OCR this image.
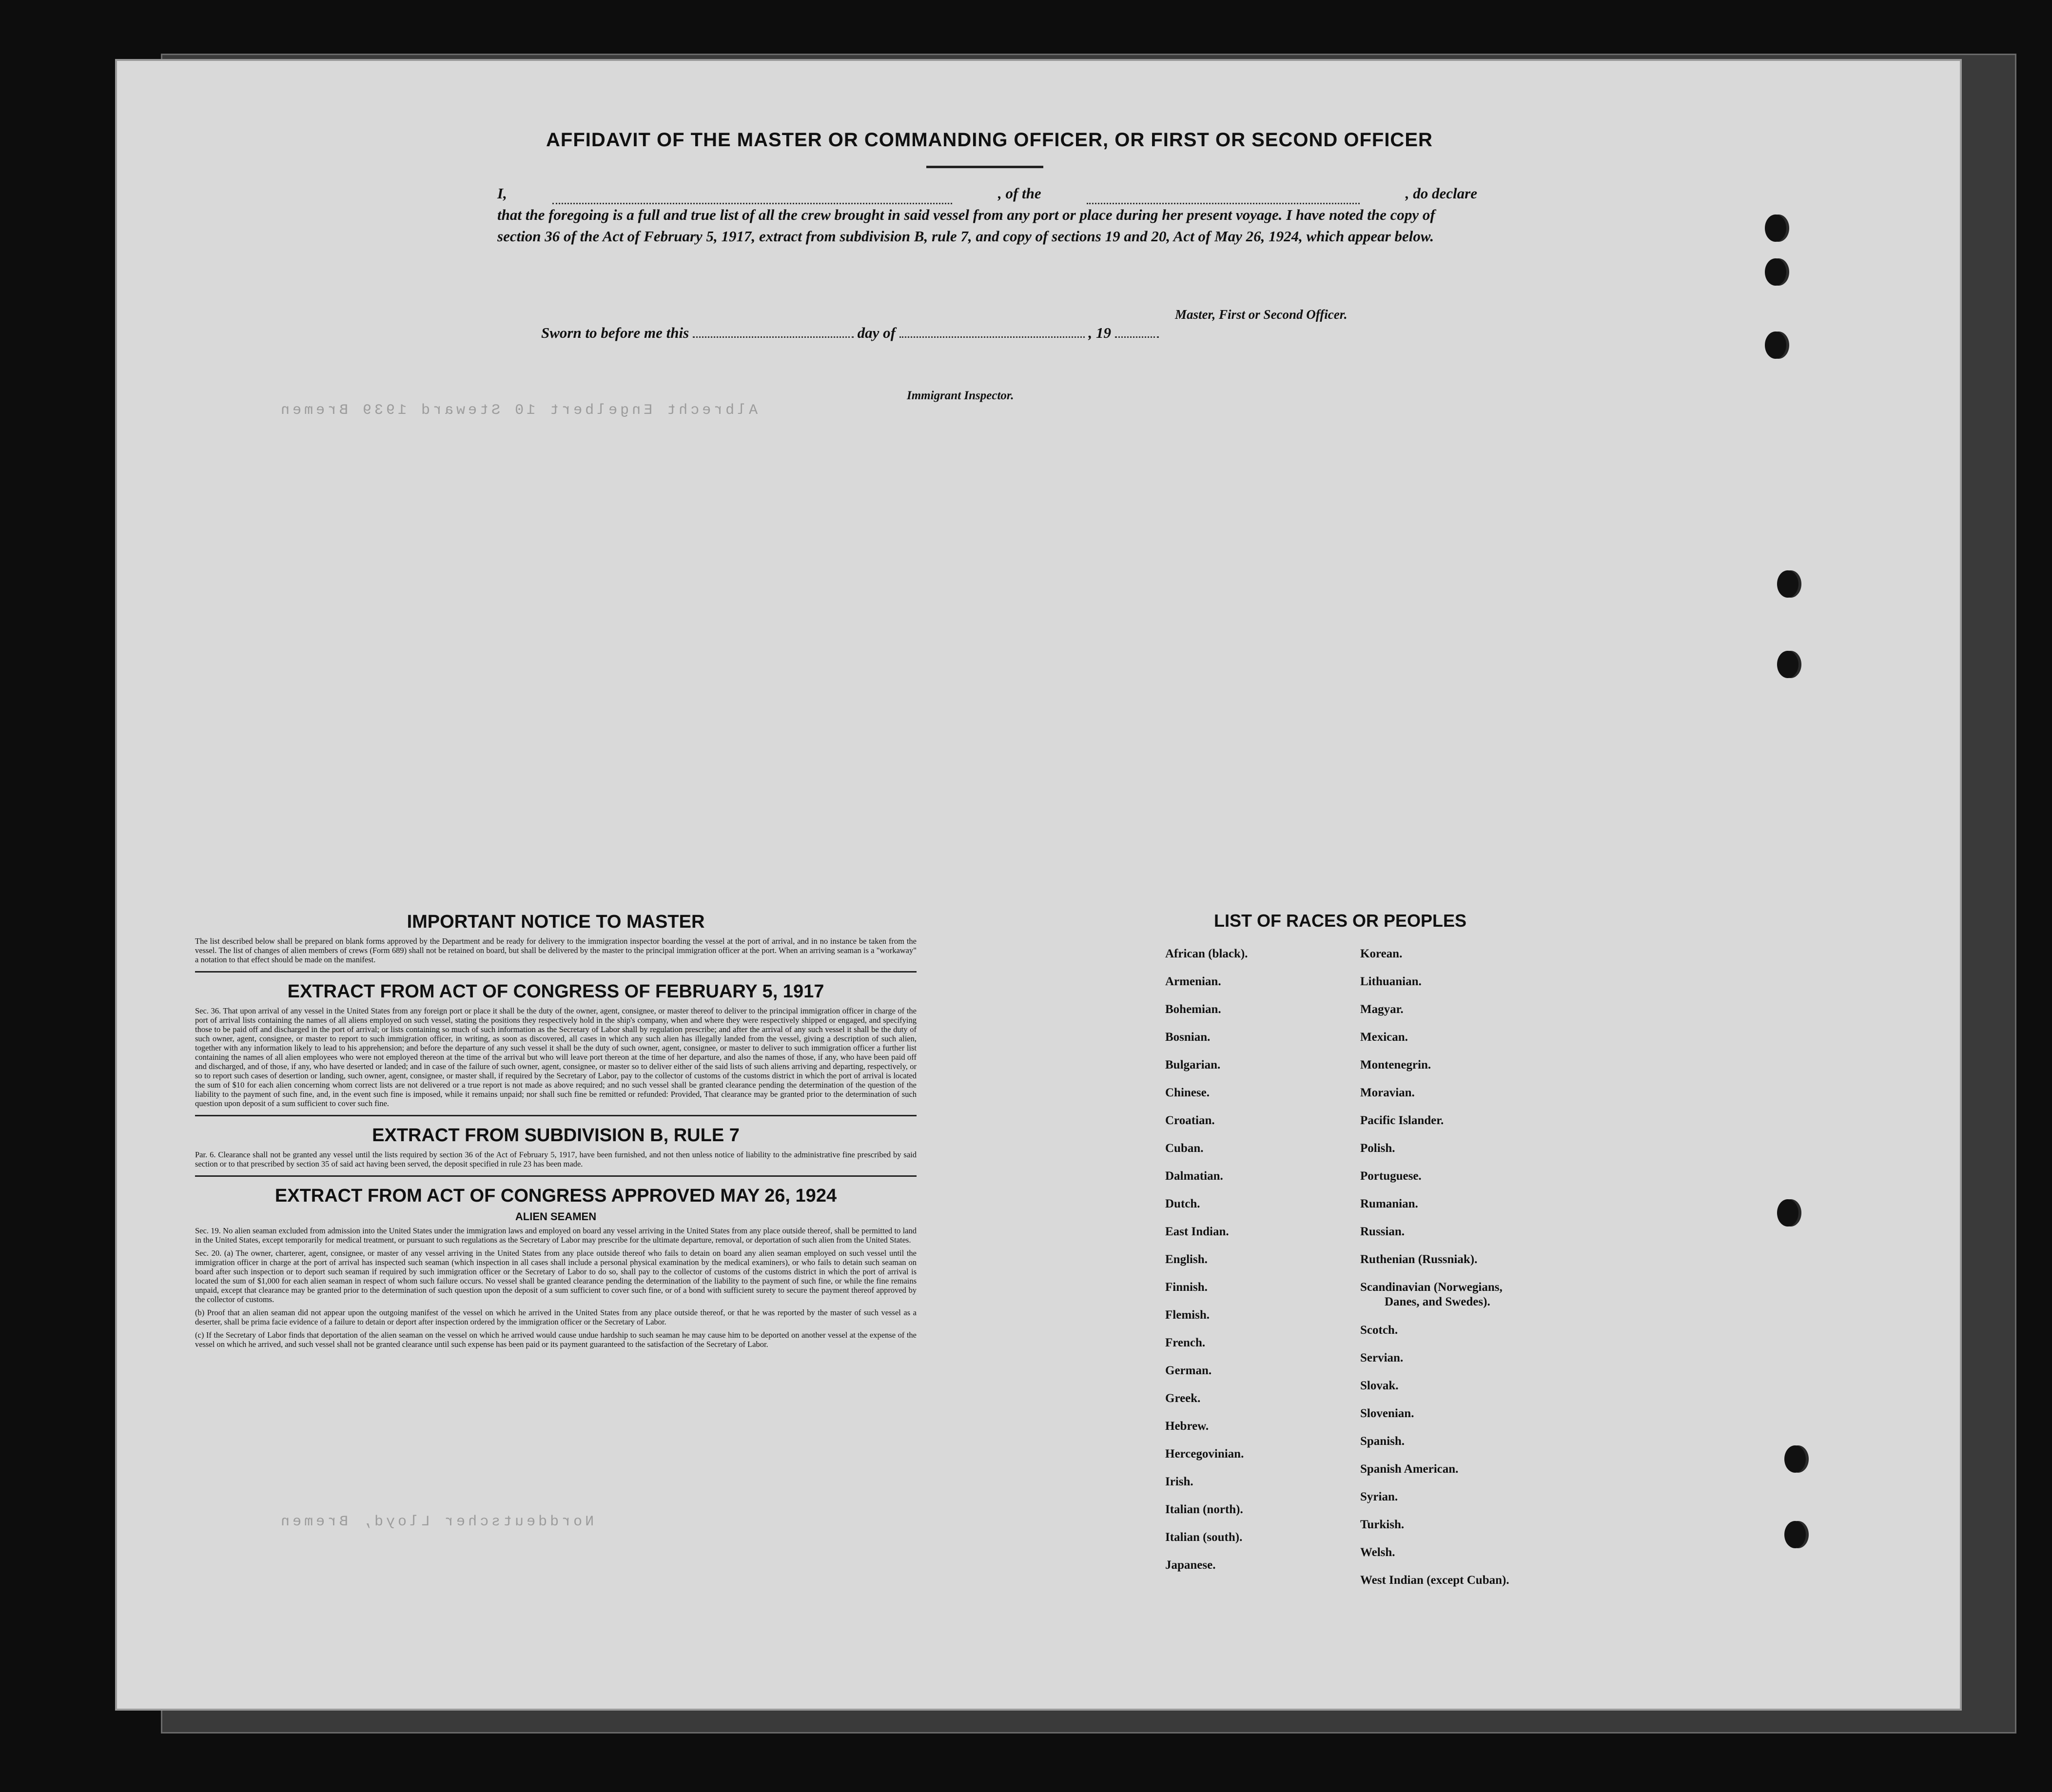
Albrecht Engelbert 10 Steward 1939 Bremen
Norddeutscher Lloyd, Bremen
AFFIDAVIT OF THE MASTER OR COMMANDING OFFICER, OR FIRST OR SECOND OFFICER
I,	, of the	, do declare
that the foregoing is a full and true list of all the crew brought in said vessel from any port or place during her present voyage. I have noted the copy of section 36 of the Act of February 5, 1917, extract from subdivision B, rule 7, and copy of sections 19 and 20, Act of May 26, 1924, which appear below.
Master, First or Second Officer.
Sworn to before me this	day of	, 19
Immigrant Inspector.
IMPORTANT NOTICE TO MASTER

The list described below shall be prepared on blank forms approved by the Department and be ready for delivery to the immigration inspector boarding the vessel at the port of arrival, and in no instance be taken from the vessel. The list of changes of alien members of crews (Form 689) shall not be retained on board, but shall be delivered by the master to the principal immigration officer at the port. When an arriving seaman is a "workaway" a notation to that effect should be made on the manifest.

EXTRACT FROM ACT OF CONGRESS OF FEBRUARY 5, 1917

Sec. 36. That upon arrival of any vessel in the United States from any foreign port or place it shall be the duty of the owner, agent, consignee, or master thereof to deliver to the principal immigration officer in charge of the port of arrival lists containing the names of all aliens employed on such vessel, stating the positions they respectively hold in the ship's company, when and where they were respectively shipped or engaged, and specifying those to be paid off and discharged in the port of arrival; or lists containing so much of such information as the Secretary of Labor shall by regulation prescribe; and after the arrival of any such vessel it shall be the duty of such owner, agent, consignee, or master to report to such immigration officer, in writing, as soon as discovered, all cases in which any such alien has illegally landed from the vessel, giving a description of such alien, together with any information likely to lead to his apprehension; and before the departure of any such vessel it shall be the duty of such owner, agent, consignee, or master to deliver to such immigration officer a further list containing the names of all alien employees who were not employed thereon at the time of the arrival but who will leave port thereon at the time of her departure, and also the names of those, if any, who have been paid off and discharged, and of those, if any, who have deserted or landed; and in case of the failure of such owner, agent, consignee, or master so to deliver either of the said lists of such aliens arriving and departing, respectively, or so to report such cases of desertion or landing, such owner, agent, consignee, or master shall, if required by the Secretary of Labor, pay to the collector of customs of the customs district in which the port of arrival is located the sum of $10 for each alien concerning whom correct lists are not delivered or a true report is not made as above required; and no such vessel shall be granted clearance pending the determination of the question of the liability to the payment of such fine, and, in the event such fine is imposed, while it remains unpaid; nor shall such fine be remitted or refunded: Provided, That clearance may be granted prior to the determination of such question upon deposit of a sum sufficient to cover such fine.

EXTRACT FROM SUBDIVISION B, RULE 7

Par. 6. Clearance shall not be granted any vessel until the lists required by section 36 of the Act of February 5, 1917, have been furnished, and not then unless notice of liability to the administrative fine prescribed by said section or to that prescribed by section 35 of said act having been served, the deposit specified in rule 23 has been made.

EXTRACT FROM ACT OF CONGRESS APPROVED MAY 26, 1924
ALIEN SEAMEN

Sec. 19. No alien seaman excluded from admission into the United States under the immigration laws and employed on board any vessel arriving in the United States from any place outside thereof, shall be permitted to land in the United States, except temporarily for medical treatment, or pursuant to such regulations as the Secretary of Labor may prescribe for the ultimate departure, removal, or deportation of such alien from the United States.

Sec. 20. (a) The owner, charterer, agent, consignee, or master of any vessel arriving in the United States from any place outside thereof who fails to detain on board any alien seaman employed on such vessel until the immigration officer in charge at the port of arrival has inspected such seaman (which inspection in all cases shall include a personal physical examination by the medical examiners), or who fails to detain such seaman on board after such inspection or to deport such seaman if required by such immigration officer or the Secretary of Labor to do so, shall pay to the collector of customs of the customs district in which the port of arrival is located the sum of $1,000 for each alien seaman in respect of whom such failure occurs. No vessel shall be granted clearance pending the determination of the liability to the payment of such fine, or while the fine remains unpaid, except that clearance may be granted prior to the determination of such question upon the deposit of a sum sufficient to cover such fine, or of a bond with sufficient surety to secure the payment thereof approved by the collector of customs.

(b) Proof that an alien seaman did not appear upon the outgoing manifest of the vessel on which he arrived in the United States from any place outside thereof, or that he was reported by the master of such vessel as a deserter, shall be prima facie evidence of a failure to detain or deport after inspection ordered by the immigration officer or the Secretary of Labor.

(c) If the Secretary of Labor finds that deportation of the alien seaman on the vessel on which he arrived would cause undue hardship to such seaman he may cause him to be deported on another vessel at the expense of the vessel on which he arrived, and such vessel shall not be granted clearance until such expense has been paid or its payment guaranteed to the satisfaction of the Secretary of Labor.

LIST OF RACES OR PEOPLES
African (black).
Armenian.
Bohemian.
Bosnian.
Bulgarian.
Chinese.
Croatian.
Cuban.
Dalmatian.
Dutch.
East Indian.
English.
Finnish.
Flemish.
French.
German.
Greek.
Hebrew.
Hercegovinian.
Irish.
Italian (north).
Italian (south).
Japanese.
Korean.
Lithuanian.
Magyar.
Mexican.
Montenegrin.
Moravian.
Pacific Islander.
Polish.
Portuguese.
Rumanian.
Russian.
Ruthenian (Russniak).
Scandinavian (Norwegians,
Danes, and Swedes).
Scotch.
Servian.
Slovak.
Slovenian.
Spanish.
Spanish American.
Syrian.
Turkish.
Welsh.
West Indian (except Cuban).
